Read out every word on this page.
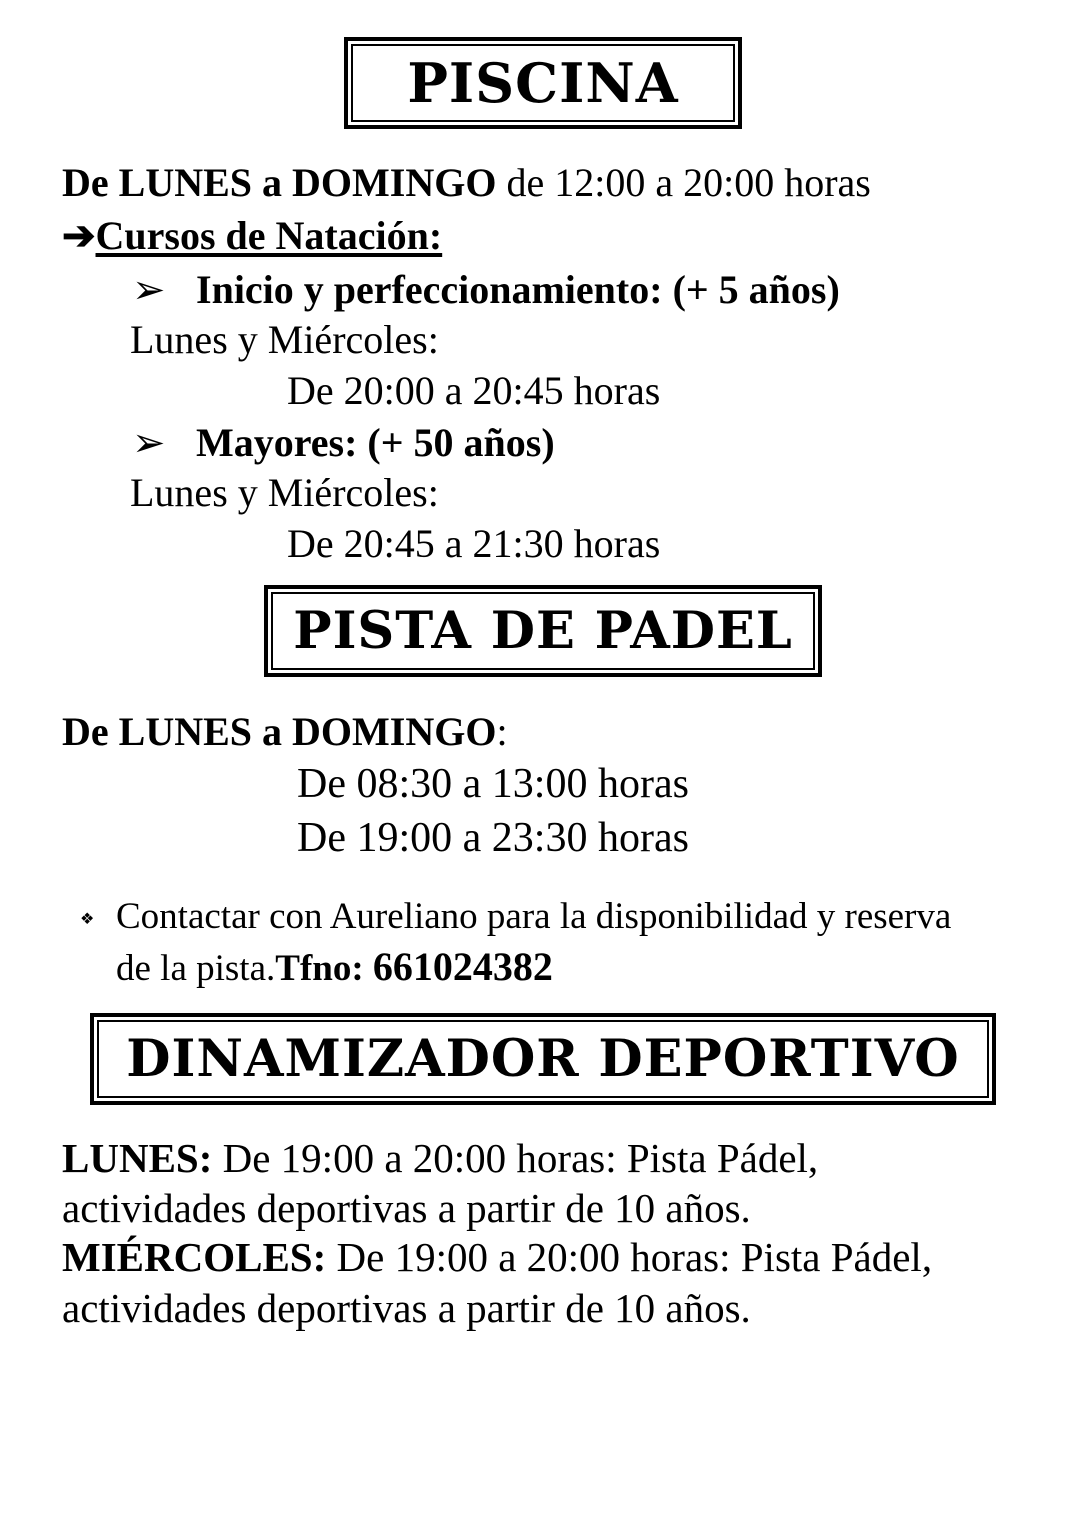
PISCINA
De LUNES a DOMINGO de 12:00 a 20:00 horas
➔Cursos de Natación:
➢ Inicio y perfeccionamiento: (+ 5 años)
Lunes y Miércoles:
De 20:00 a 20:45 horas
➢ Mayores: (+ 50 años)
Lunes y Miércoles:
De 20:45 a 21:30 horas
PISTA DE PADEL
De LUNES a DOMINGO:
De 08:30 a 13:00 horas
De 19:00 a 23:30 horas
❖ Contactar con Aureliano para la disponibilidad y reserva
de la pista.Tfno: 661024382
DINAMIZADOR DEPORTIVO
LUNES: De 19:00 a 20:00 horas: Pista Pádel,
actividades deportivas a partir de 10 años.
MIÉRCOLES: De 19:00 a 20:00 horas: Pista Pádel,
actividades deportivas a partir de 10 años.
